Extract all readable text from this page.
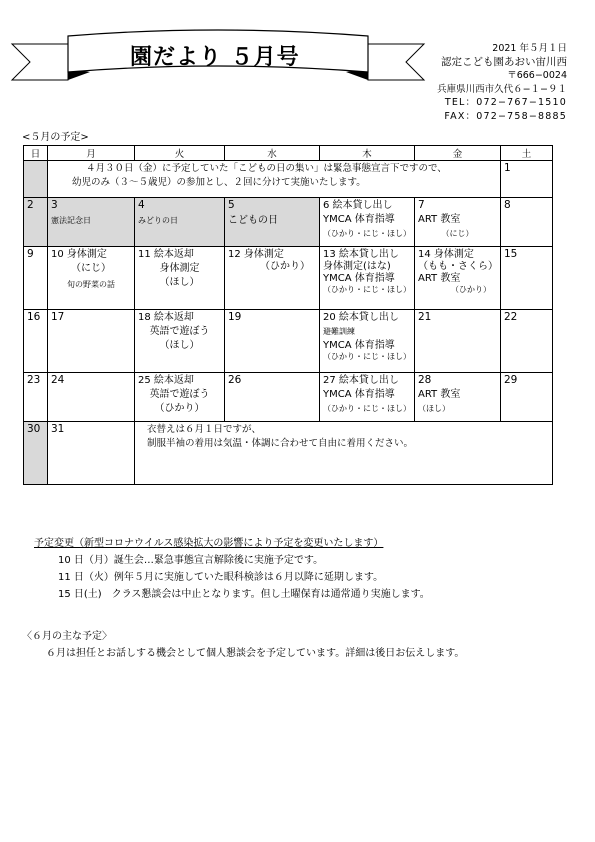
園だより ５月号	2021 年５月１日
認定こども園あおい宙川西
〒666−0024
兵庫県川西市久代６−１−９１
TEL：072−767−1510
FAX：072−758−8885
<５月の予定>
日	月	火	水	木	金	土

	４月３０日（金）に予定していた「こどもの日の集い」は緊急事態宣言下ですので、
幼児のみ（３〜５歳児）の参加とし、２回に分けて実施いたします。					1

2	3
憲法記念日	4
みどりの日	5
こどもの日	6 絵本貸し出し
YMCA 体育指導
（ひかり・にじ・ほし）	7
ART 教室
（にじ）	8

9	10 身体測定
（にじ）
旬の野菜の話	11 絵本返却
身体測定
（ほし）	12 身体測定
（ひかり）	13 絵本貸し出し
身体測定(はな)
YMCA 体育指導
（ひかり・にじ・ほし）	14 身体測定
（もも・さくら）
ART 教室
（ひかり）	15

16	17	18 絵本返却
英語で遊ぼう
（ほし）	19	20 絵本貸し出し
避難訓練
YMCA 体育指導
（ひかり・にじ・ほし）	21	22

23	24	25 絵本返却
英語で遊ぼう
（ひかり）	26	27 絵本貸し出し
YMCA 体育指導
（ひかり・にじ・ほし）	28
ART 教室
（ほし）	29

30	31	衣替えは６月１日ですが、
制服半袖の着用は気温・体調に合わせて自由に着用ください。				
予定変更（新型コロナウイルス感染拡大の影響により予定を変更いたします）
10 日（月）誕生会…緊急事態宣言解除後に実施予定です。
11 日（火）例年５月に実施していた眼科検診は６月以降に延期します。
15 日(土)　クラス懇談会は中止となります。但し土曜保育は通常通り実施します。
〈６月の主な予定〉
６月は担任とお話しする機会として個人懇談会を予定しています。詳細は後日お伝えします。
